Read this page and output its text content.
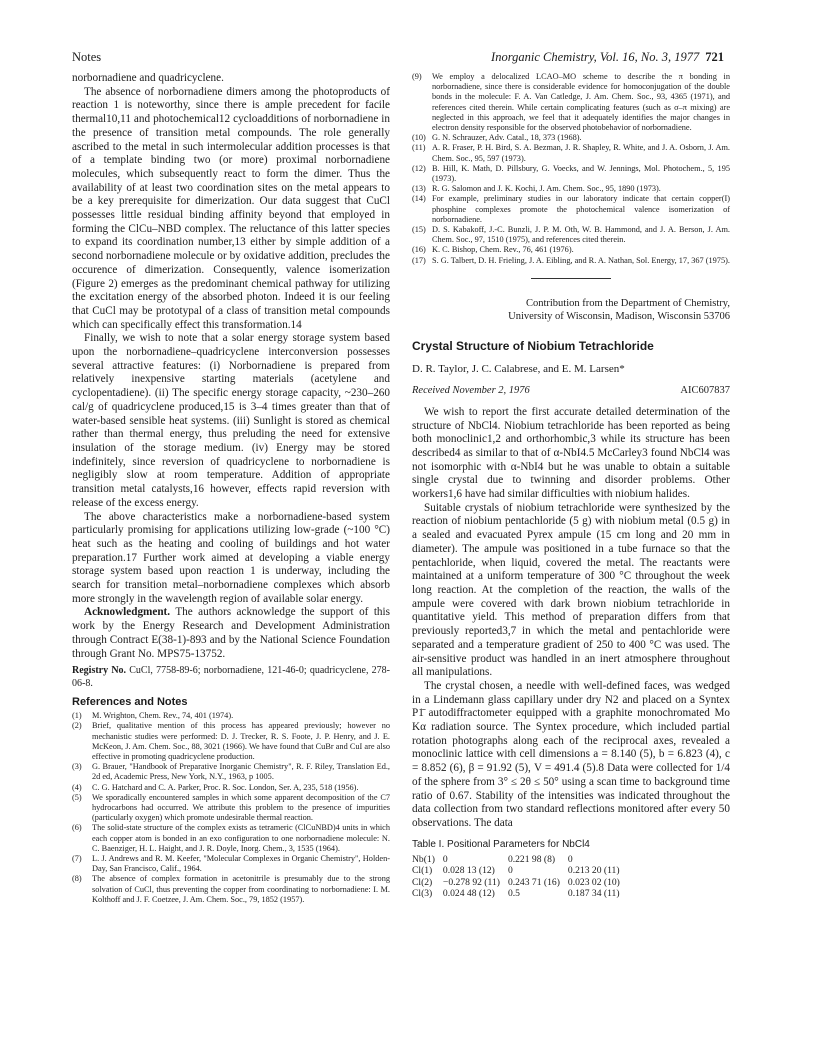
Notes	Inorganic Chemistry, Vol. 16, No. 3, 1977 721

norbornadiene and quadricyclene.

The absence of norbornadiene dimers among the photoproducts of reaction 1 is noteworthy, since there is ample precedent for facile thermal10,11 and photochemical12 cycloadditions of norbornadiene in the presence of transition metal compounds. The role generally ascribed to the metal in such intermolecular addition processes is that of a template binding two (or more) proximal norbornadiene molecules, which subsequently react to form the dimer. Thus the availability of at least two coordination sites on the metal appears to be a key prerequisite for dimerization. Our data suggest that CuCl possesses little residual binding affinity beyond that employed in forming the ClCu–NBD complex. The reluctance of this latter species to expand its coordination number,13 either by simple addition of a second norbornadiene molecule or by oxidative addition, precludes the occurence of dimerization. Consequently, valence isomerization (Figure 2) emerges as the predominant chemical pathway for utilizing the excitation energy of the absorbed photon. Indeed it is our feeling that CuCl may be prototypal of a class of transition metal compounds which can specifically effect this transformation.14

Finally, we wish to note that a solar energy storage system based upon the norbornadiene–quadricyclene interconversion possesses several attractive features: (i) Norbornadiene is prepared from relatively inexpensive starting materials (acetylene and cyclopentadiene). (ii) The specific energy storage capacity, ~230–260 cal/g of quadricyclene produced,15 is 3–4 times greater than that of water-based sensible heat systems. (iii) Sunlight is stored as chemical rather than thermal energy, thus preluding the need for extensive insulation of the storage medium. (iv) Energy may be stored indefinitely, since reversion of quadricyclene to norbornadiene is negligibly slow at room temperature. Addition of appropriate transition metal catalysts,16 however, effects rapid reversion with release of the excess energy.

The above characteristics make a norbornadiene-based system particularly promising for applications utilizing low-grade (~100 °C) heat such as the heating and cooling of buildings and hot water preparation.17 Further work aimed at developing a viable energy storage system based upon reaction 1 is underway, including the search for transition metal–norbornadiene complexes which absorb more strongly in the wavelength region of available solar energy.

Acknowledgment. The authors acknowledge the support of this work by the Energy Research and Development Administration through Contract E(38-1)-893 and by the National Science Foundation through Grant No. MPS75-13752.

Registry No. CuCl, 7758-89-6; norbornadiene, 121-46-0; quadricyclene, 278-06-8.

References and Notes
(1) M. Wrighton, Chem. Rev., 74, 401 (1974).
(2) Brief, qualitative mention of this process has appeared previously; however no mechanistic studies were performed: D. J. Trecker, R. S. Foote, J. P. Henry, and J. E. McKeon, J. Am. Chem. Soc., 88, 3021 (1966). We have found that CuBr and CuI are also effective in promoting quadricyclene production.
(3) G. Brauer, "Handbook of Preparative Inorganic Chemistry", R. F. Riley, Translation Ed., 2d ed, Academic Press, New York, N.Y., 1963, p 1005.
(4) C. G. Hatchard and C. A. Parker, Proc. R. Soc. London, Ser. A, 235, 518 (1956).
(5) We sporadically encountered samples in which some apparent decomposition of the C7 hydrocarbons had occurred. We attribute this problem to the presence of impurities (particularly oxygen) which promote undesirable thermal reaction.
(6) The solid-state structure of the complex exists as tetrameric (ClCuNBD)4 units in which each copper atom is bonded in an exo configuration to one norbornadiene molecule: N. C. Baenziger, H. L. Haight, and J. R. Doyle, Inorg. Chem., 3, 1535 (1964).
(7) L. J. Andrews and R. M. Keefer, "Molecular Complexes in Organic Chemistry", Holden-Day, San Francisco, Calif., 1964.
(8) The absence of complex formation in acetonitrile is presumably due to the strong solvation of CuCl, thus preventing the copper from coordinating to norbornadiene: I. M. Kolthoff and J. F. Coetzee, J. Am. Chem. Soc., 79, 1852 (1957).
(9) We employ a delocalized LCAO–MO scheme to describe the π bonding in norbornadiene, since there is considerable evidence for homoconjugation of the double bonds in the molecule: F. A. Van Catledge, J. Am. Chem. Soc., 93, 4365 (1971), and references cited therein. While certain complicating features (such as σ–π mixing) are neglected in this approach, we feel that it adequately identifies the major changes in electron density responsible for the observed photobehavior of norbornadiene.
(10) G. N. Schrauzer, Adv. Catal., 18, 373 (1968).
(11) A. R. Fraser, P. H. Bird, S. A. Bezman, J. R. Shapley, R. White, and J. A. Osborn, J. Am. Chem. Soc., 95, 597 (1973).
(12) B. Hill, K. Math, D. Pillsbury, G. Voecks, and W. Jennings, Mol. Photochem., 5, 195 (1973).
(13) R. G. Salomon and J. K. Kochi, J. Am. Chem. Soc., 95, 1890 (1973).
(14) For example, preliminary studies in our laboratory indicate that certain copper(I) phosphine complexes promote the photochemical valence isomerization of norbornadiene.
(15) D. S. Kabakoff, J.-C. Bunzli, J. P. M. Oth, W. B. Hammond, and J. A. Berson, J. Am. Chem. Soc., 97, 1510 (1975), and references cited therein.
(16) K. C. Bishop, Chem. Rev., 76, 461 (1976).
(17) S. G. Talbert, D. H. Frieling, J. A. Eibling, and R. A. Nathan, Sol. Energy, 17, 367 (1975).
Contribution from the Department of Chemistry,
University of Wisconsin, Madison, Wisconsin 53706
Crystal Structure of Niobium Tetrachloride
D. R. Taylor, J. C. Calabrese, and E. M. Larsen*
Received November 2, 1976	AIC607837

We wish to report the first accurate detailed determination of the structure of NbCl4. Niobium tetrachloride has been reported as being both monoclinic1,2 and orthorhombic,3 while its structure has been described4 as similar to that of α-NbI4.5 McCarley3 found NbCl4 was not isomorphic with α-NbI4 but he was unable to obtain a suitable single crystal due to twinning and disorder problems. Other workers1,6 have had similar difficulties with niobium halides.

Suitable crystals of niobium tetrachloride were synthesized by the reaction of niobium pentachloride (5 g) with niobium metal (0.5 g) in a sealed and evacuated Pyrex ampule (15 cm long and 20 mm in diameter). The ampule was positioned in a tube furnace so that the pentachloride, when liquid, covered the metal. The reactants were maintained at a uniform temperature of 300 °C throughout the week long reaction. At the completion of the reaction, the walls of the ampule were covered with dark brown niobium tetrachloride in quantitative yield. This method of preparation differs from that previously reported3,7 in which the metal and pentachloride were separated and a temperature gradient of 250 to 400 °C was used. The air-sensitive product was handled in an inert atmosphere throughout all manipulations.

The crystal chosen, a needle with well-defined faces, was wedged in a Lindemann glass capillary under dry N2 and placed on a Syntex P1̄ autodiffractometer equipped with a graphite monochromated Mo Kα radiation source. The Syntex procedure, which included partial rotation photographs along each of the reciprocal axes, revealed a monoclinic lattice with cell dimensions a = 8.140 (5), b = 6.823 (4), c = 8.852 (6), β = 91.92 (5), V = 491.4 (5).8 Data were collected for 1/4 of the sphere from 3° ≤ 2θ ≤ 50° using a scan time to background time ratio of 0.67. Stability of the intensities was indicated throughout the data collection from two standard reflections monitored after every 50 observations. The data

Table I. Positional Parameters for NbCl4
Nb(1)	0	0.221 98 (8)	0
Cl(1)	0.028 13 (12)	0	0.213 20 (11)
Cl(2)	−0.278 92 (11)	0.243 71 (16)	0.023 02 (10)
Cl(3)	0.024 48 (12)	0.5	0.187 34 (11)
